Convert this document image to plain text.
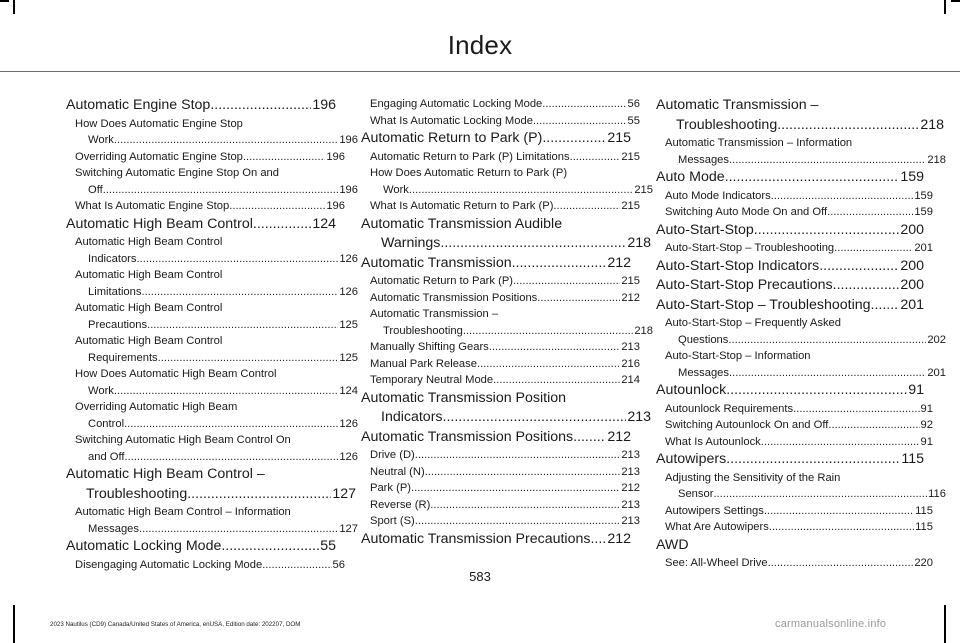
Index
Automatic Engine Stop .....	196
How Does Automatic Engine Stop
Work .....	196
Overriding Automatic Engine Stop .....	196
Switching Automatic Engine Stop On and
Off .....	196
What Is Automatic Engine Stop .....	196
Automatic High Beam Control .....	124
Automatic High Beam Control
Indicators .....	126
Automatic High Beam Control
Limitations .....	126
Automatic High Beam Control
Precautions .....	125
Automatic High Beam Control
Requirements .....	125
How Does Automatic High Beam Control
Work .....	124
Overriding Automatic High Beam
Control .....	126
Switching Automatic High Beam Control On
and Off .....	126
Automatic High Beam Control –
Troubleshooting .....	127
Automatic High Beam Control – Information
Messages .....	127
Automatic Locking Mode .....	55
Disengaging Automatic Locking Mode .....	56
Engaging Automatic Locking Mode .....	56
What Is Automatic Locking Mode .....	55
Automatic Return to Park (P) .....	215
Automatic Return to Park (P) Limitations .....	215
How Does Automatic Return to Park (P)
Work .....	215
What Is Automatic Return to Park (P) .....	215
Automatic Transmission Audible
Warnings .....	218
Automatic Transmission .....	212
Automatic Return to Park (P) .....	215
Automatic Transmission Positions .....	212
Automatic Transmission –
Troubleshooting .....	218
Manually Shifting Gears .....	213
Manual Park Release .....	216
Temporary Neutral Mode .....	214
Automatic Transmission Position
Indicators .....	213
Automatic Transmission Positions ..... 212
Drive (D) .....	213
Neutral (N) .....	213
Park (P) .....	212
Reverse (R) .....	213
Sport (S) .....	213
Automatic Transmission Precautions ..... 212
Automatic Transmission –
Troubleshooting .....	218
Automatic Transmission – Information
Messages .....	218
Auto Mode .....	159
Auto Mode Indicators .....	159
Switching Auto Mode On and Off .....	159
Auto-Start-Stop .....	200
Auto-Start-Stop – Troubleshooting .....	201
Auto-Start-Stop Indicators .....	200
Auto-Start-Stop Precautions .....	200
Auto-Start-Stop – Troubleshooting ..... 201
Auto-Start-Stop – Frequently Asked
Questions .....	202
Auto-Start-Stop – Information
Messages .....	201
Autounlock .....	91
Autounlock Requirements .....	91
Switching Autounlock On and Off .....	92
What Is Autounlock .....	91
Autowipers .....	115
Adjusting the Sensitivity of the Rain
Sensor .....	116
Autowipers Settings .....	115
What Are Autowipers .....	115
AWD
See: All-Wheel Drive .....	220
583
2023 Nautilus (CD9) Canada/United States of America, enUSA, Edition date: 202207, DOM	carmanualsonline.info
